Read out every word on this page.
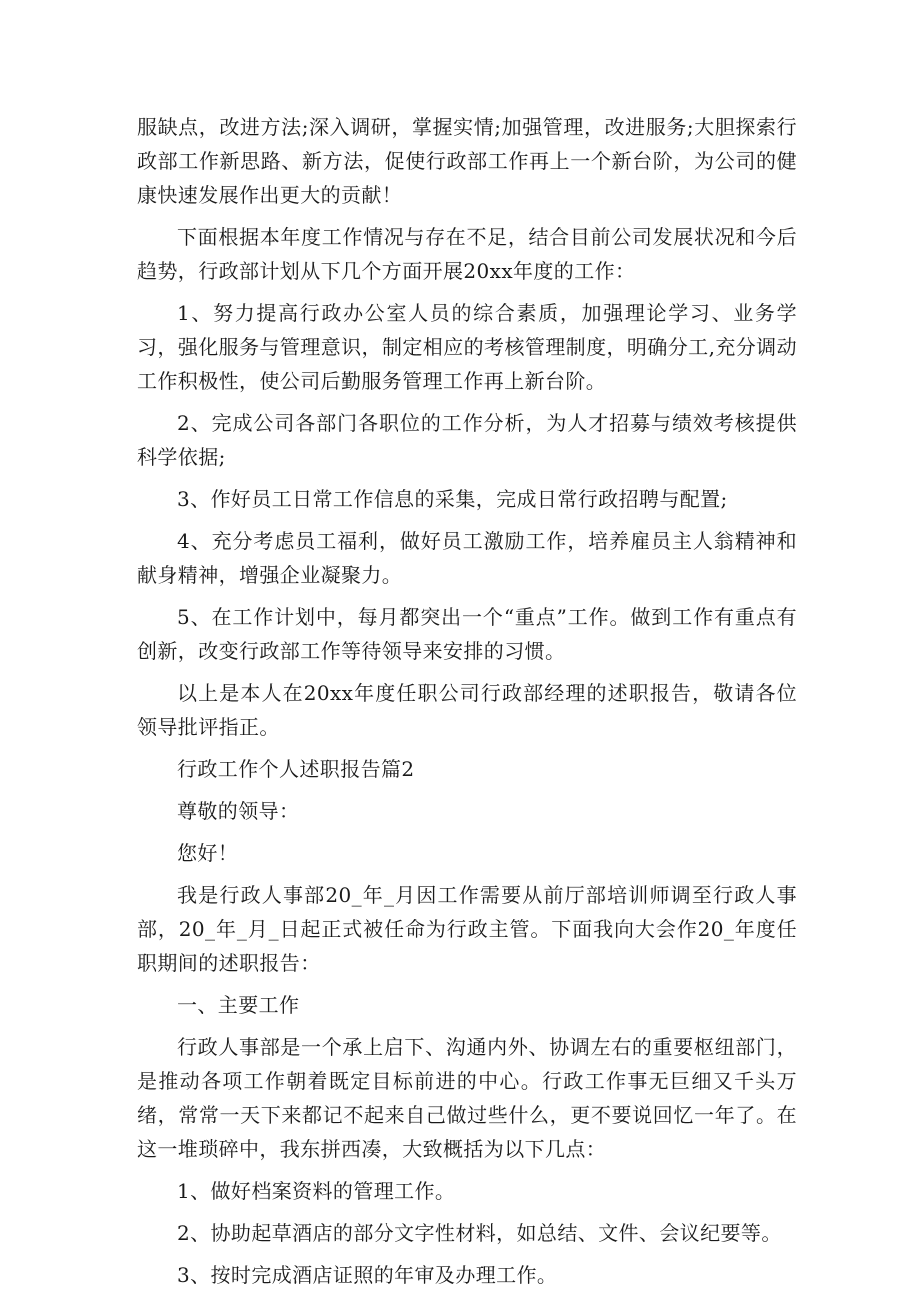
服缺点，改进方法;深入调研，掌握实情;加强管理，改进服务;大胆探索行政部工作新思路、新方法，促使行政部工作再上一个新台阶，为公司的健康快速发展作出更大的贡献！

下面根据本年度工作情况与存在不足，结合目前公司发展状况和今后趋势，行政部计划从下几个方面开展20xx年度的工作：

1、努力提高行政办公室人员的综合素质，加强理论学习、业务学习，强化服务与管理意识，制定相应的考核管理制度，明确分工,充分调动工作积极性，使公司后勤服务管理工作再上新台阶。

2、完成公司各部门各职位的工作分析，为人才招募与绩效考核提供科学依据;

3、作好员工日常工作信息的采集，完成日常行政招聘与配置;

4、充分考虑员工福利，做好员工激励工作，培养雇员主人翁精神和献身精神，增强企业凝聚力。

5、在工作计划中，每月都突出一个“重点”工作。做到工作有重点有创新，改变行政部工作等待领导来安排的习惯。

以上是本人在20xx年度任职公司行政部经理的述职报告，敬请各位领导批评指正。

行政工作个人述职报告篇2

尊敬的领导：

您好！

我是行政人事部20_年_月因工作需要从前厅部培训师调至行政人事部，20_年_月_日起正式被任命为行政主管。下面我向大会作20_年度任职期间的述职报告：

一、主要工作

行政人事部是一个承上启下、沟通内外、协调左右的重要枢纽部门，是推动各项工作朝着既定目标前进的中心。行政工作事无巨细又千头万绪，常常一天下来都记不起来自己做过些什么，更不要说回忆一年了。在这一堆琐碎中，我东拼西凑，大致概括为以下几点：

1、做好档案资料的管理工作。

2、协助起草酒店的部分文字性材料，如总结、文件、会议纪要等。

3、按时完成酒店证照的年审及办理工作。
